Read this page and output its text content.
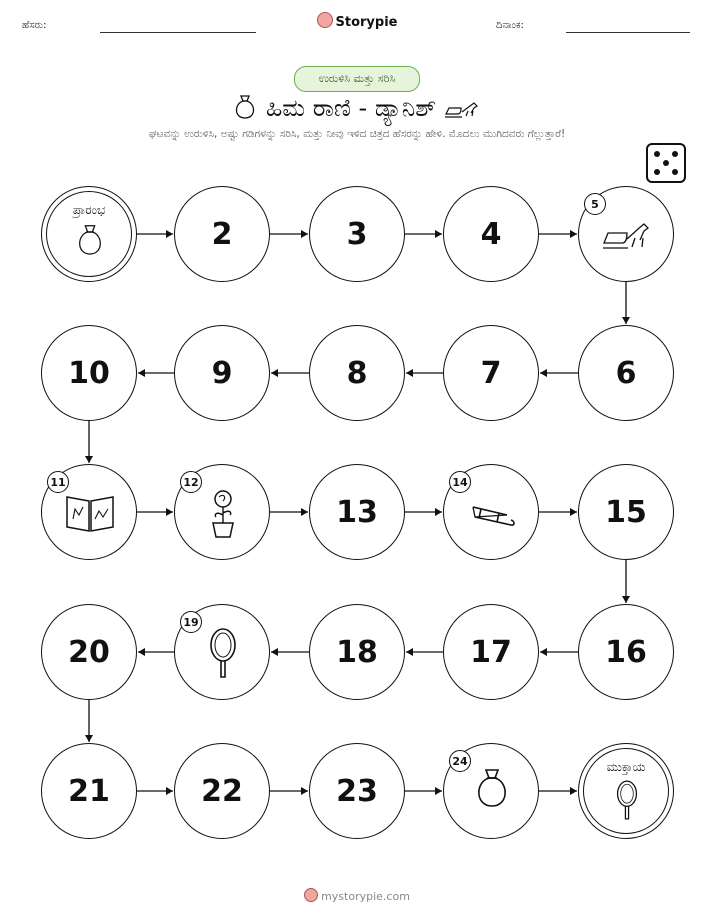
ಹೆಸರು:	Storypie	ದಿನಾಂಕ:
ಉರುಳಿಸಿ ಮತ್ತು ಸರಿಸಿ
ಹಿಮ ರಾಣಿ - ಡ್ಯಾನಿಶ್
ಘಟವನ್ನು ಉರುಳಿಸಿ, ಅಷ್ಟು ಗಡಿಗಳನ್ನು ಸರಿಸಿ, ಮತ್ತು ನೀವು ಇಳಿದ ಚಿತ್ರದ ಹೆಸರನ್ನು ಹೇಳಿ. ಮೊದಲು ಮುಗಿದವರು ಗೆಲ್ಲುತ್ತಾರೆ!
ಪ್ರಾರಂಭ
2	3	4
5
6
7
8
9
10
11	12
13
14
15
16
17
18
19
20
21	22	23
24	ಮುಕ್ತಾಯ
mystorypie.com
